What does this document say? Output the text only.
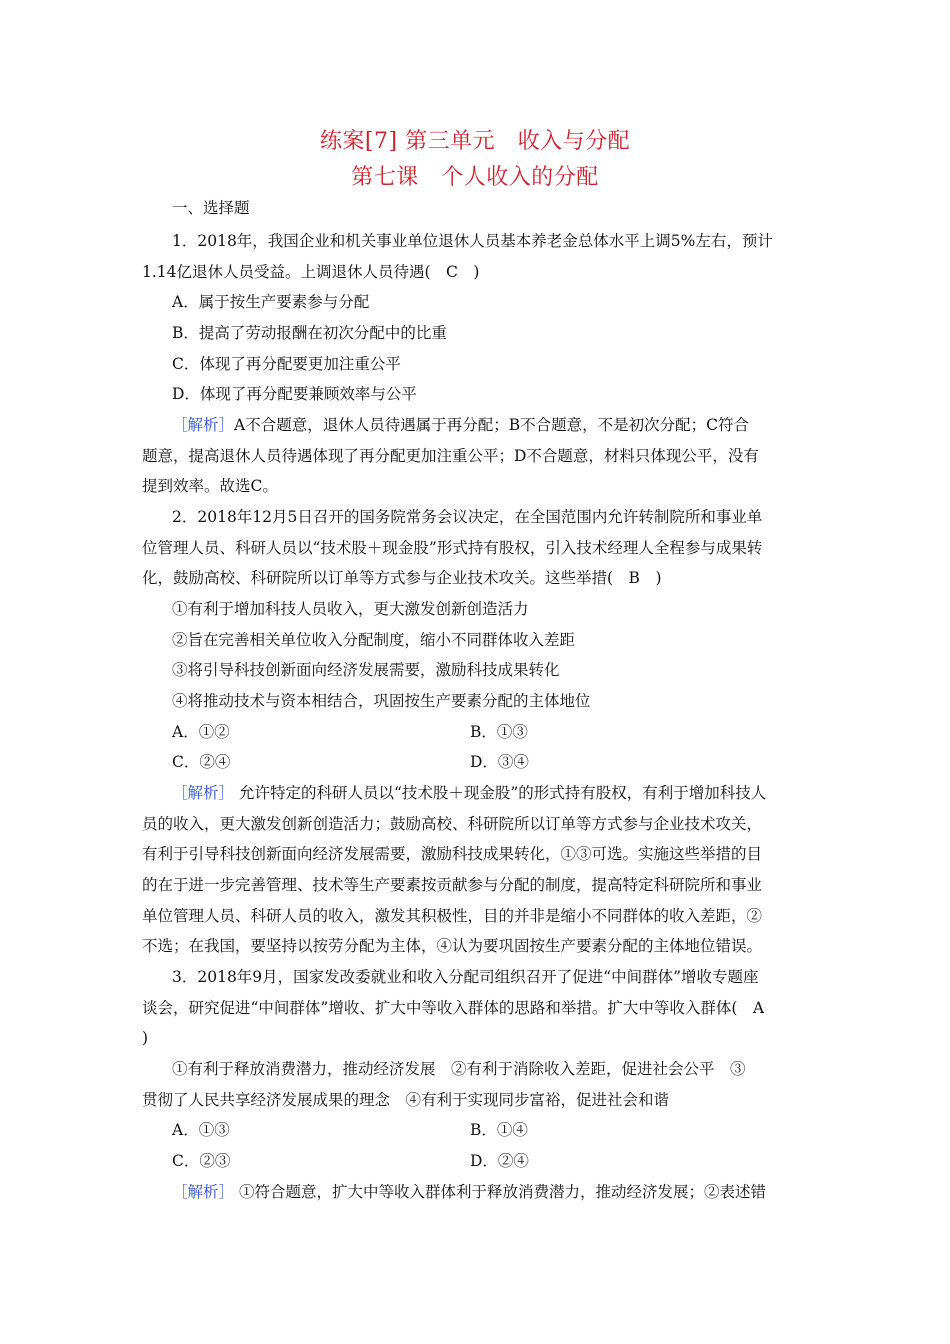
练案[7] 第三单元　收入与分配
第七课　个人收入的分配
一、选择题
1．2018年，我国企业和机关事业单位退休人员基本养老金总体水平上调5%左右，预计
1.14亿退休人员受益。上调退休人员待遇(　C　)
A．属于按生产要素参与分配
B．提高了劳动报酬在初次分配中的比重
C．体现了再分配要更加注重公平
D．体现了再分配要兼顾效率与公平
［解析］A不合题意，退休人员待遇属于再分配；B不合题意，不是初次分配；C符合
题意，提高退休人员待遇体现了再分配更加注重公平；D不合题意，材料只体现公平，没有
提到效率。故选C。
2．2018年12月5日召开的国务院常务会议决定，在全国范围内允许转制院所和事业单
位管理人员、科研人员以“技术股＋现金股”形式持有股权，引入技术经理人全程参与成果转
化，鼓励高校、科研院所以订单等方式参与企业技术攻关。这些举措(　B　)
①有利于增加科技人员收入，更大激发创新创造活力
②旨在完善相关单位收入分配制度，缩小不同群体收入差距
③将引导科技创新面向经济发展需要，激励科技成果转化
④将推动技术与资本相结合，巩固按生产要素分配的主体地位
A．①②	B．①③
C．②④	D．③④
［解析］ 允许特定的科研人员以“技术股＋现金股”的形式持有股权，有利于增加科技人
员的收入，更大激发创新创造活力；鼓励高校、科研院所以订单等方式参与企业技术攻关，
有利于引导科技创新面向经济发展需要，激励科技成果转化，①③可选。实施这些举措的目
的在于进一步完善管理、技术等生产要素按贡献参与分配的制度，提高特定科研院所和事业
单位管理人员、科研人员的收入，激发其积极性，目的并非是缩小不同群体的收入差距，②
不选；在我国，要坚持以按劳分配为主体，④认为要巩固按生产要素分配的主体地位错误。
3．2018年9月，国家发改委就业和收入分配司组织召开了促进“中间群体”增收专题座
谈会，研究促进“中间群体”增收、扩大中等收入群体的思路和举措。扩大中等收入群体(　A
)
①有利于释放消费潜力，推动经济发展　②有利于消除收入差距，促进社会公平　③
贯彻了人民共享经济发展成果的理念　④有利于实现同步富裕，促进社会和谐
A．①③	B．①④
C．②③	D．②④
［解析］ ①符合题意，扩大中等收入群体利于释放消费潜力，推动经济发展；②表述错
